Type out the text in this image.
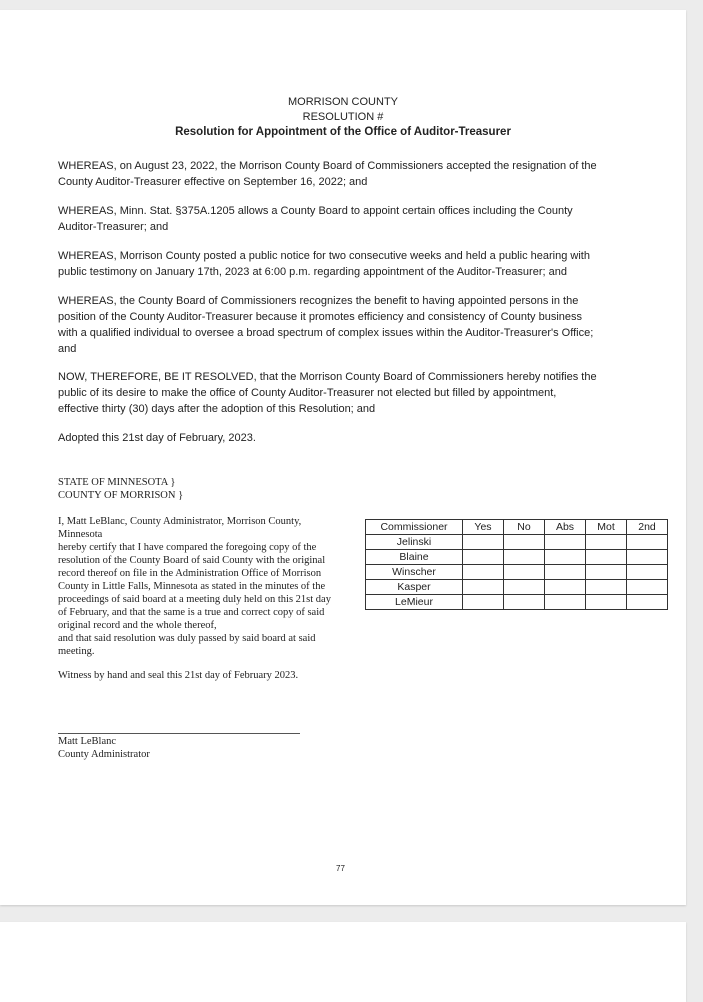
MORRISON COUNTY
RESOLUTION #
Resolution for Appointment of the Office of Auditor-Treasurer
WHEREAS, on August 23, 2022, the Morrison County Board of Commissioners accepted the resignation of the
County Auditor-Treasurer effective on September 16, 2022; and
WHEREAS, Minn. Stat. §375A.1205 allows a County Board to appoint certain offices including the County
Auditor-Treasurer; and
WHEREAS, Morrison County posted a public notice for two consecutive weeks and held a public hearing with
public testimony on January 17th, 2023 at 6:00 p.m. regarding appointment of the Auditor-Treasurer; and
WHEREAS, the County Board of Commissioners recognizes the benefit to having appointed persons in the
position of the County Auditor-Treasurer because it promotes efficiency and consistency of County business
with a qualified individual to oversee a broad spectrum of complex issues within the Auditor-Treasurer's Office;
and
NOW, THEREFORE, BE IT RESOLVED, that the Morrison County Board of Commissioners hereby notifies the
public of its desire to make the office of County Auditor-Treasurer not elected but filled by appointment,
effective thirty (30) days after the adoption of this Resolution; and
Adopted this 21st day of February, 2023.
STATE OF MINNESOTA }
COUNTY OF MORRISON }
I, Matt LeBlanc, County Administrator, Morrison County,
Minnesota
hereby certify that I have compared the foregoing copy of the
resolution of the County Board of said County with the original
record thereof on file in the Administration Office of Morrison
County in Little Falls, Minnesota as stated in the minutes of the
proceedings of said board at a meeting duly held on this 21st day
of February, and that the same is a true and correct copy of said
original record and the whole thereof,
and that said resolution was duly passed by said board at said
meeting.
Witness by hand and seal this 21st day of February 2023.
Matt LeBlanc
County Administrator
Commissioner	Yes	No	Abs	Mot	2nd
Jelinski					
Blaine					
Winscher					
Kasper					
LeMieur					
77
